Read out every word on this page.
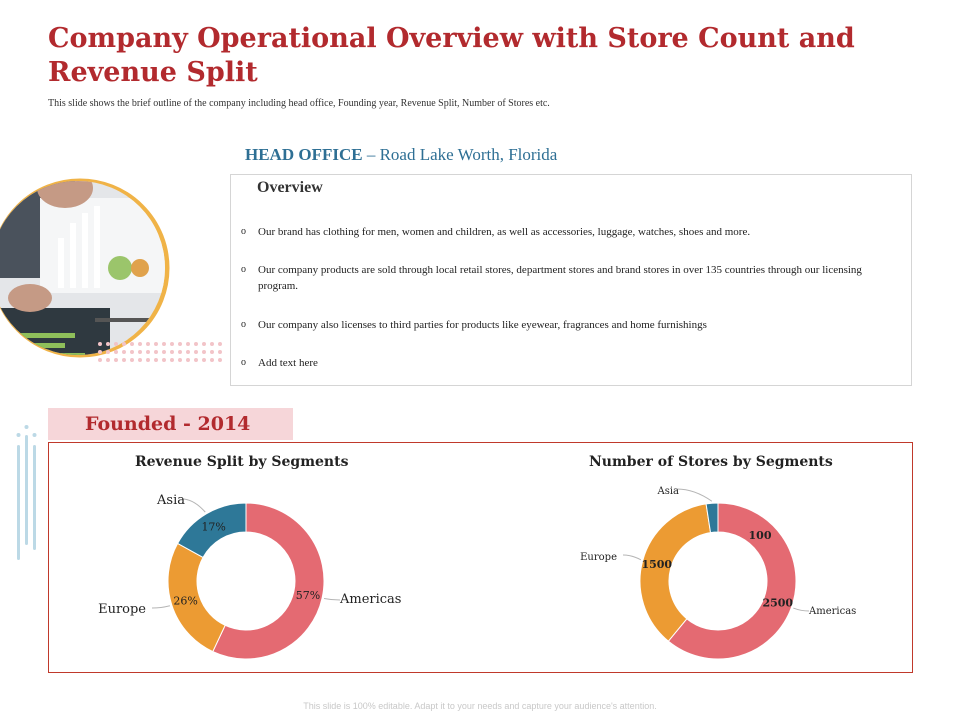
Company Operational Overview with Store Count and Revenue Split
This slide shows the brief outline of the company including head office, Founding year, Revenue Split, Number of Stores etc.
HEAD OFFICE – Road Lake Worth, Florida
Overview
o Our brand has clothing for men, women and children, as well as accessories, luggage, watches, shoes and more.
o Our company products are sold through local retail stores, department stores and brand stores in over 135 countries through our licensing program.
o Our company also licenses to third parties for products like eyewear, fragrances and home furnishings
o Add text here
Founded - 2014
Revenue Split by Segments	Number of Stores by Segments
57% Americas
26%
Europe
17%
Asia
2500
Americas
1500
Europe
100
Asia
This slide is 100% editable. Adapt it to your needs and capture your audience's attention.
